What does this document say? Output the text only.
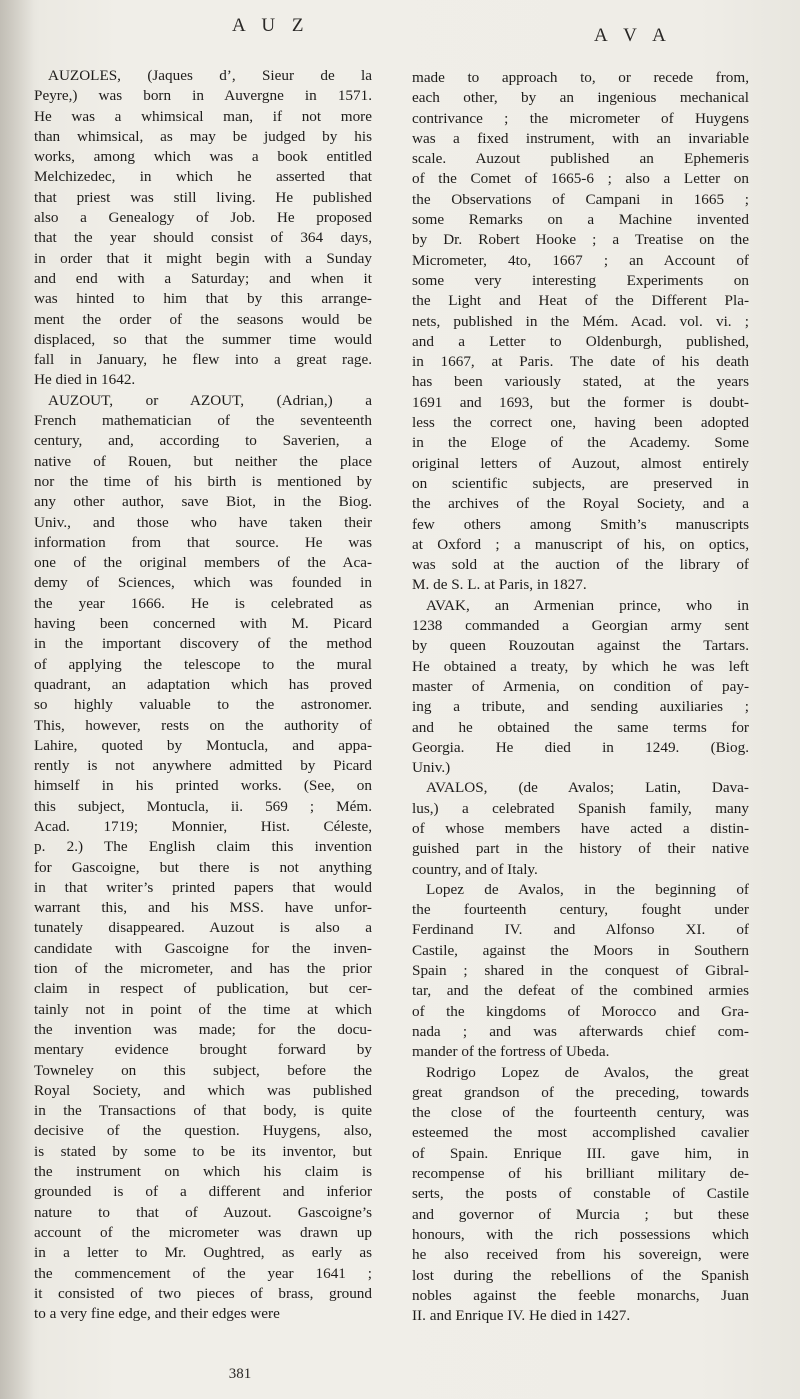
A U Z	A V A
AUZOLES, (Jaques d’, Sieur de la
Peyre,) was born in Auvergne in 1571.
He was a whimsical man, if not more
than whimsical, as may be judged by his
works, among which was a book entitled
Melchizedec, in which he asserted that
that priest was still living. He published
also a Genealogy of Job. He proposed
that the year should consist of 364 days,
in order that it might begin with a Sunday
and end with a Saturday; and when it
was hinted to him that by this arrange-
ment the order of the seasons would be
displaced, so that the summer time would
fall in January, he flew into a great rage.
He died in 1642.
AUZOUT, or AZOUT, (Adrian,) a
French mathematician of the seventeenth
century, and, according to Saverien, a
native of Rouen, but neither the place
nor the time of his birth is mentioned by
any other author, save Biot, in the Biog.
Univ., and those who have taken their
information from that source. He was
one of the original members of the Aca-
demy of Sciences, which was founded in
the year 1666. He is celebrated as
having been concerned with M. Picard
in the important discovery of the method
of applying the telescope to the mural
quadrant, an adaptation which has proved
so highly valuable to the astronomer.
This, however, rests on the authority of
Lahire, quoted by Montucla, and appa-
rently is not anywhere admitted by Picard
himself in his printed works. (See, on
this subject, Montucla, ii. 569 ; Mém.
Acad. 1719; Monnier, Hist. Céleste,
p. 2.) The English claim this invention
for Gascoigne, but there is not anything
in that writer’s printed papers that would
warrant this, and his MSS. have unfor-
tunately disappeared. Auzout is also a
candidate with Gascoigne for the inven-
tion of the micrometer, and has the prior
claim in respect of publication, but cer-
tainly not in point of the time at which
the invention was made; for the docu-
mentary evidence brought forward by
Towneley on this subject, before the
Royal Society, and which was published
in the Transactions of that body, is quite
decisive of the question. Huygens, also,
is stated by some to be its inventor, but
the instrument on which his claim is
grounded is of a different and inferior
nature to that of Auzout. Gascoigne’s
account of the micrometer was drawn up
in a letter to Mr. Oughtred, as early as
the commencement of the year 1641 ;
it consisted of two pieces of brass, ground
to a very fine edge, and their edges were
made to approach to, or recede from,
each other, by an ingenious mechanical
contrivance ; the micrometer of Huygens
was a fixed instrument, with an invariable
scale. Auzout published an Ephemeris
of the Comet of 1665-6 ; also a Letter on
the Observations of Campani in 1665 ;
some Remarks on a Machine invented
by Dr. Robert Hooke ; a Treatise on the
Micrometer, 4to, 1667 ; an Account of
some very interesting Experiments on
the Light and Heat of the Different Pla-
nets, published in the Mém. Acad. vol. vi. ;
and a Letter to Oldenburgh, published,
in 1667, at Paris. The date of his death
has been variously stated, at the years
1691 and 1693, but the former is doubt-
less the correct one, having been adopted
in the Eloge of the Academy. Some
original letters of Auzout, almost entirely
on scientific subjects, are preserved in
the archives of the Royal Society, and a
few others among Smith’s manuscripts
at Oxford ; a manuscript of his, on optics,
was sold at the auction of the library of
M. de S. L. at Paris, in 1827.
AVAK, an Armenian prince, who in
1238 commanded a Georgian army sent
by queen Rouzoutan against the Tartars.
He obtained a treaty, by which he was left
master of Armenia, on condition of pay-
ing a tribute, and sending auxiliaries ;
and he obtained the same terms for
Georgia. He died in 1249. (Biog.
Univ.)
AVALOS, (de Avalos; Latin, Dava-
lus,) a celebrated Spanish family, many
of whose members have acted a distin-
guished part in the history of their native
country, and of Italy.
Lopez de Avalos, in the beginning of
the fourteenth century, fought under
Ferdinand IV. and Alfonso XI. of
Castile, against the Moors in Southern
Spain ; shared in the conquest of Gibral-
tar, and the defeat of the combined armies
of the kingdoms of Morocco and Gra-
nada ; and was afterwards chief com-
mander of the fortress of Ubeda.
Rodrigo Lopez de Avalos, the great
great grandson of the preceding, towards
the close of the fourteenth century, was
esteemed the most accomplished cavalier
of Spain. Enrique III. gave him, in
recompense of his brilliant military de-
serts, the posts of constable of Castile
and governor of Murcia ; but these
honours, with the rich possessions which
he also received from his sovereign, were
lost during the rebellions of the Spanish
nobles against the feeble monarchs, Juan
II. and Enrique IV. He died in 1427.
381
